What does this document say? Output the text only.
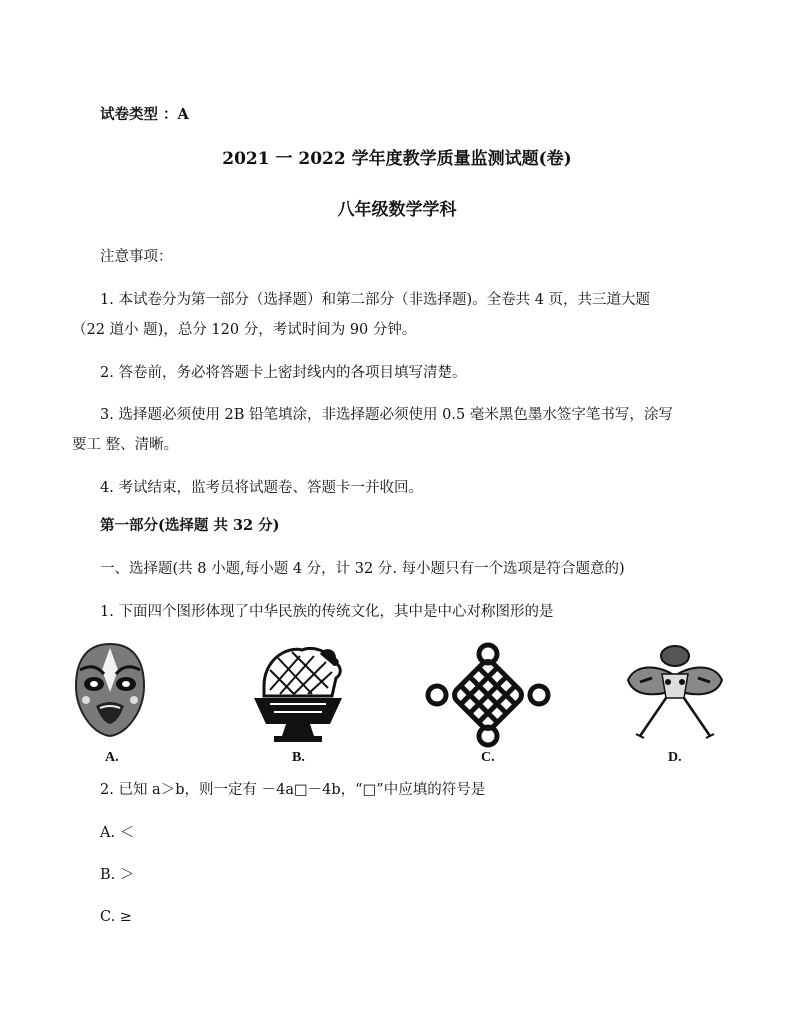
试卷类型 ：A
2021 一 2022 学年度教学质量监测试题(卷)
八年级数学学科
注意事项：
1. 本试卷分为第一部分（选择题）和第二部分（非选择题)。全卷共 4 页，共三道大题
（22 道小 题)，总分 120 分，考试时间为 90 分钟。
2. 答卷前，务必将答题卡上密封线内的各项目填写清楚。
3. 选择题必须使用 2B 铅笔填涂，非选择题必须使用 0.5 毫米黑色墨水签字笔书写，涂写
要工 整、清晰。
4. 考试结束，监考员将试题卷、答题卡一并收回。
第一部分(选择题 共 32 分)
一、选择题(共 8 小题,每小题 4 分，计 32 分. 每小题只有一个选项是符合题意的)
1. 下面四个图形体现了中华民族的传统文化，其中是中心对称图形的是
A.	B.	C.	D.
2. 已知 a＞b，则一定有 －4a□－4b，“□”中应填的符号是
A. ＜
B. ＞
C. ≥
